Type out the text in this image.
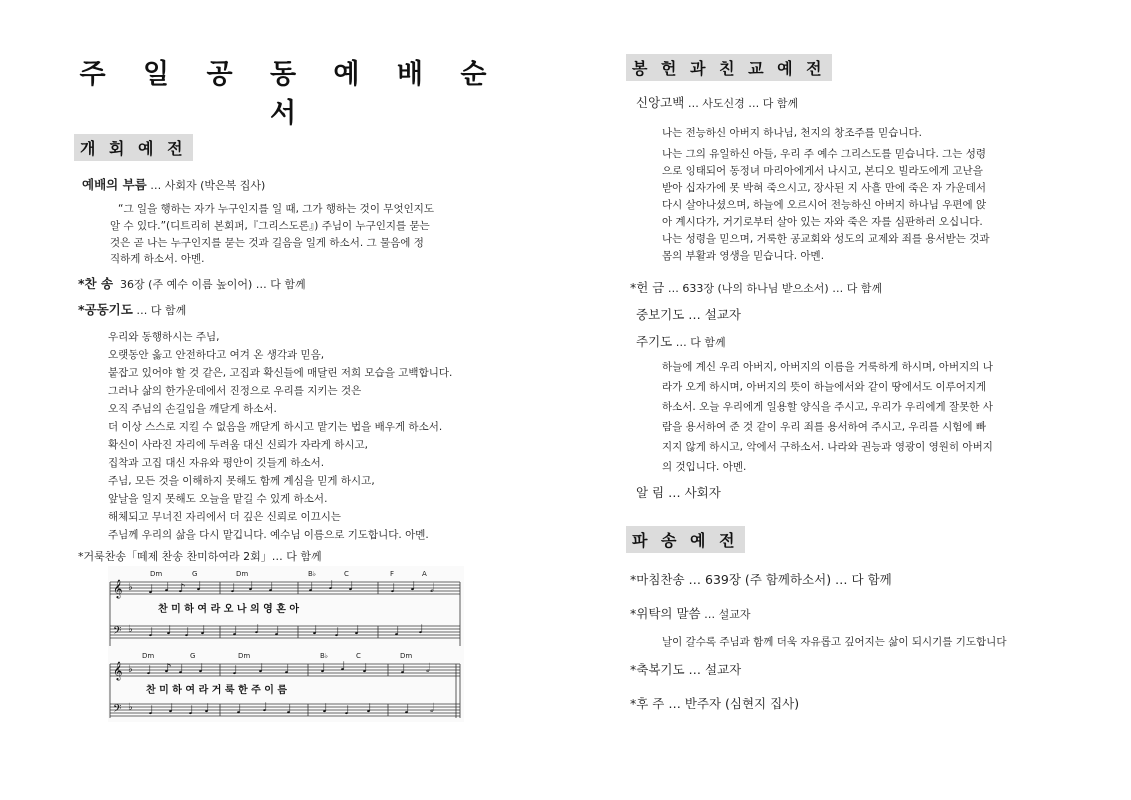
주 일 공 동 예 배 순 서
개 회 예 전
예배의 부름 … 사회자 (박은복 집사)
“그 일을 행하는 자가 누구인지를 일 때, 그가 행하는 것이 무엇인지도
알 수 있다.”(디트리히 본회퍼,『그리스도론』) 주님이 누구인지를 묻는
것은 곧 나는 누구인지를 묻는 것과 길음을 일게 하소서. 그 물음에 정
직하게 하소서. 아멘.
*찬 송 36장 (주 예수 이름 높이어) … 다 함께
*공동기도 … 다 함께
우리와 동행하시는 주님,
오랫동안 옳고 안전하다고 여겨 온 생각과 믿음,
붙잡고 있어야 할 것 같은, 고집과 확신들에 매달린 저희 모습을 고백합니다.
그러나 삶의 한가운데에서 진정으로 우리를 지키는 것은
오직 주님의 손길임을 깨닫게 하소서.
더 이상 스스로 지킬 수 없음을 깨닫게 하시고 맡기는 법을 배우게 하소서.
확신이 사라진 자리에 두려움 대신 신뢰가 자라게 하시고,
집착과 고집 대신 자유와 평안이 깃들게 하소서.
주님, 모든 것을 이해하지 못해도 함께 계심을 믿게 하시고,
앞날을 일지 못해도 오늘을 맡길 수 있게 하소서.
해체되고 무너진 자리에서 더 깊은 신뢰로 이끄시는
주님께 우리의 삶을 다시 맡깁니다. 예수님 이름으로 기도합니다. 아멘.
*거룩찬송「떼제 찬송 찬미하여라 2회」… 다 함께
Dm	G	Dm	B♭	C	F	A
𝄞 ♭ ♩ ♩ ♪ ♩ ♩ ♩ ♩	♩ ♩ ♩	♩ ♩ 𝅗𝅥
찬 미 하 여 라 오 나 의 영 혼 아
𝄢 ♭ ♩ ♩ ♩ ♩ ♩ ♩ ♩	♩ ♩ ♩	♩ ♩
Dm	G	Dm	B♭	C	Dm
𝄞 ♭ ♩ ♪ ♩ ♩ ♩ ♩ ♩	♩ ♩ ♩	♩ 𝅗𝅥
찬 미 하 여 라 거 룩 한 주 이 름
𝄢 ♭ ♩ ♩ ♩ ♩ ♩ ♩ ♩	♩ ♩ ♩	♩ 𝅗𝅥
봉 헌 과 친 교 예 전
신앙고백 … 사도신경 … 다 함께
나는 전능하신 아버지 하나님, 천지의 창조주를 믿습니다.
나는 그의 유일하신 아들, 우리 주 예수 그리스도를 믿습니다. 그는 성령
으로 잉태되어 동정녀 마리아에게서 나시고, 본디오 빌라도에게 고난을
받아 십자가에 못 박혀 죽으시고, 장사된 지 사흘 만에 죽은 자 가운데서
다시 살아나셨으며, 하늘에 오르시어 전능하신 아버지 하나님 우편에 앉
아 계시다가, 거기로부터 살아 있는 자와 죽은 자를 심판하러 오십니다.
나는 성령을 믿으며, 거룩한 공교회와 성도의 교제와 죄를 용서받는 것과
몸의 부활과 영생을 믿습니다. 아멘.
*헌 금 … 633장 (나의 하나님 받으소서) … 다 함께
중보기도 … 설교자
주기도 … 다 함께
하늘에 계신 우리 아버지, 아버지의 이름을 거룩하게 하시며, 아버지의 나
라가 오게 하시며, 아버지의 뜻이 하늘에서와 같이 땅에서도 이루어지게
하소서. 오늘 우리에게 일용할 양식을 주시고, 우리가 우리에게 잘못한 사
람을 용서하여 준 것 같이 우리 죄를 용서하여 주시고, 우리를 시험에 빠
지지 않게 하시고, 악에서 구하소서. 나라와 권능과 영광이 영원히 아버지
의 것입니다. 아멘.
알 림 … 사회자
파 송 예 전
*마침찬송 … 639장 (주 함께하소서) … 다 함께
*위탁의 말씀 … 설교자
날이 갈수록 주님과 함께 더욱 자유롭고 깊어지는 삶이 되시기를 기도합니다
*축복기도 … 설교자
*후 주 … 반주자 (심현지 집사)
